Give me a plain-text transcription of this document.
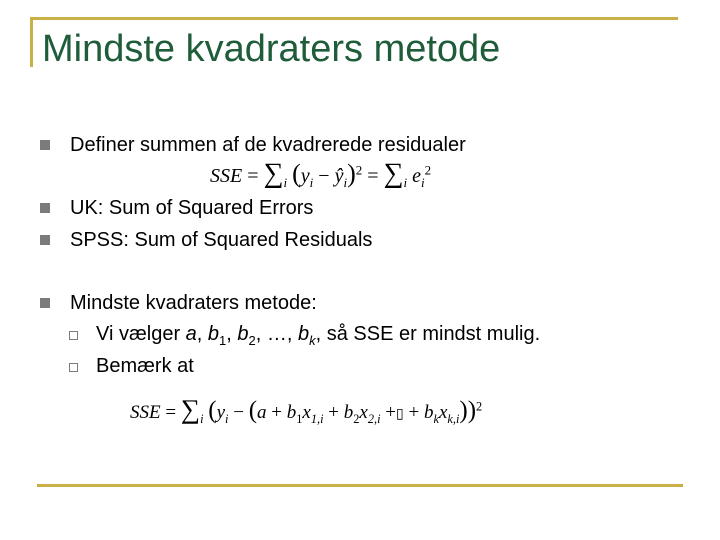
Mindste kvadraters metode
Definer summen af de kvadrerede residualer
SSE = $\sum_i$ ($y_i$ − $ŷ_i)^2 = \sum_i$ $e_i^2$
UK: Sum of Squared Errors
SPSS: Sum of Squared Residuals
Mindste kvadraters metode:
Vi vælger a, $b_1$, $b_2$, …, $b_k$, så SSE er mindst mulig.
Bemærk at
SSE = $\sum_i$ ($y_i - (a + b_1x_{1,i} + b_2x_{2,i}$ +▯ + $b_kx_{k,i}))^2$
